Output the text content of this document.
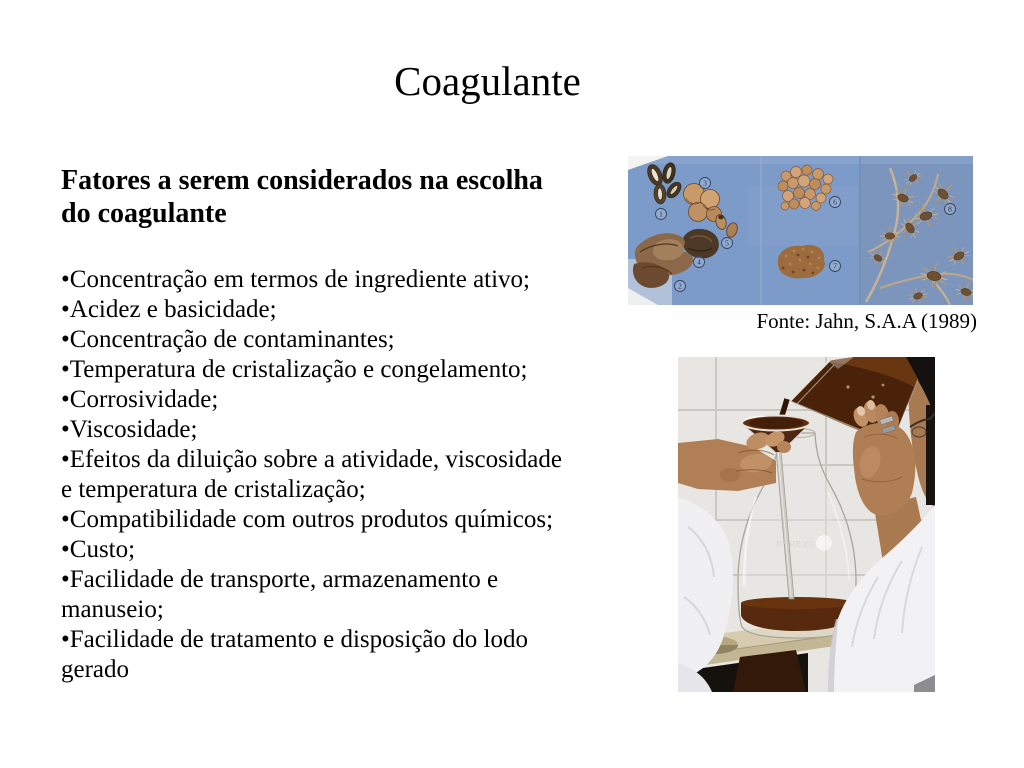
Coagulante
Fatores a serem considerados na escolha do coagulante
•Concentração em termos de ingrediente ativo;
•Acidez e basicidade;
•Concentração de contaminantes;
•Temperatura de cristalização e congelamento;
•Corrosividade;
•Viscosidade;
•Efeitos da diluição sobre a atividade, viscosidade e temperatura de cristalização;
•Compatibilidade com outros produtos químicos;
•Custo;
•Facilidade de transporte, armazenamento e manuseio;
•Facilidade de tratamento e disposição do lodo gerado
1
2
3
4
5
6
7
8
Fonte: Jahn, S.A.A (1989)
PYREX®
